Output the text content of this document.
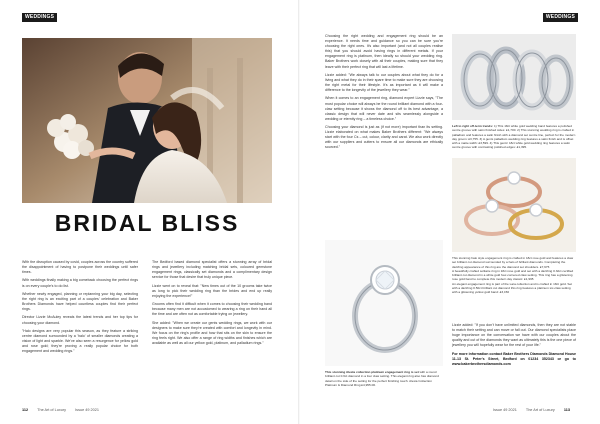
WEDDINGS
BRIDAL BLISS

With the disruption caused by covid, couples across the country suffered the disappointment of having to postpone their weddings until safer times.

With weddings finally making a big comeback choosing the perfect rings is on every couple's to do list.

Whether newly engaged, planning or replanning your big day, selecting the right ring is an exciting part of a couples' celebration and Baker Brothers Diamonds have helped countless couples find their perfect rings.

Director Lizzie McAuley reveals the latest trends and her top tips for choosing your diamond.

"Halo designs are very popular this season, as they feature a striking centre diamond surrounded by a 'halo' of smaller diamonds creating a vision of light and sparkle. We've also seen a resurgence for yellow gold and rose gold; they're proving a really popular choice for both engagement and wedding rings."

The Bedford based diamond specialist offers a stunning array of bridal rings and jewellery including matching bridal sets, coloured gemstone engagement rings, classically set diamonds and a complimentary design service for those that desire that truly unique piece.

Lizzie went on to reveal that: "New times out of the 10 grooms take twice as long to pick their wedding ring than the brides and end up really enjoying the experience!"

Grooms often find it difficult when it comes to choosing their wedding band because many men are not accustomed to wearing a ring on their hand all the time and are often not as comfortable trying on jewellery.

She added: "When we create our gents wedding rings, we work with our designers to make sure they're created with comfort and longevity in mind. We focus on the ring's profile and how that sits on the skin to ensure the ring feels right. We also offer a range of ring widths and finishes which are available as well as all our yellow gold, platinum, and palladium rings."

112 The Art of Luxury Issue 49 2021
WEDDINGS

Choosing the right wedding and engagement ring should be an experience. It needs time and guidance so you can be sure you're choosing the right ones. It's also important (and not all couples realise this) that you should avoid having rings in different metals. If your engagement ring is platinum, then ideally so should your wedding ring. Baker Brothers work closely with all their couples, making sure that they leave with their perfect ring that will last a lifetime.

Lizzie added: "We always talk to our couples about what they do for a living and what they do in their spare time to make sure they are choosing the right metal for their lifestyle. It's as important as it will make a difference to the longevity of the jewellery they wear."

When it comes to an engagement ring, diamond expert Lizzie says, "The most popular choice will always be the round brilliant diamond with a four-claw setting because it shows the diamond off to its best advantage, a classic design that will never date and sits seamlessly alongside a wedding or eternity ring – a timeless choice."

Choosing your diamond is just as (if not more) important than its setting. Lizzie elaborated on what makes Baker Brothers different: "We always start with the four Cs – cut, colour, clarity and carat. We also work directly with our suppliers and cutters to ensure all our diamonds are ethically sourced."

Left to right off-term trends: 1) This 18ct white gold wedding band features a polished centre groove with satin finished sides: £1,700. 2) This stunning wedding ring is crafted in palladium and features a satin finish with a diamond set centre line, perfect for the modern day groom: £3,755. 3) A gents palladium wedding ring features a satin finish and is offset with a matte width: £3,599. 4) This gents' 18ct white gold wedding ring features a satin centre groove with contrasting polished edges: £1,395.

This stunning halo style engagement ring is crafted in 18ct rose gold and features a claw set brilliant cut diamond surrounded by a halo of brilliant diamonds. Completing the dazzling appearance of this ring are the diamond set shoulders. £7,975

A beautifully crafted solitaire ring in 18ct rose gold and set with a dazzling 0.32ct certified brilliant cut diamond in a white gold four-cornered claw setting. This ring has a glistening rose gold band to complete this modern day classic: £1,995

An elegant engagement ring is part of the Lara collection and is crafted in 18ct gold. Set with a dazzling 0.50ct brilliant cut diamond this ring features a platinum six-claw setting with a glistening yellow gold band: £3,150

This stunning Alexia collection platinum engagement ring is set with a round brilliant cut 0.6ct diamond in a four claw setting. This elegant ring also has diamond detail on the side of the setting for the perfect finishing touch. Alexia Collection Platinum & Diamond Ring £4,955.00.

Lizzie added: "If you don't have unlimited diamonds, then they are not stable to match their setting and can move or fall out. Our diamond specialists place huge importance on the conversation we have with our couples about the quality and cut of the diamonds they want as ultimately this is the one piece of jewellery you will hopefully wear for the rest of your life."

For more information contact Baker Brothers Diamonds Diamond House 11-13 St. Peter's Street, Bedford on 01234 352343 or go to www.bakerbrothersdiamonds.com

Issue 49 2021 The Art of Luxury 113
